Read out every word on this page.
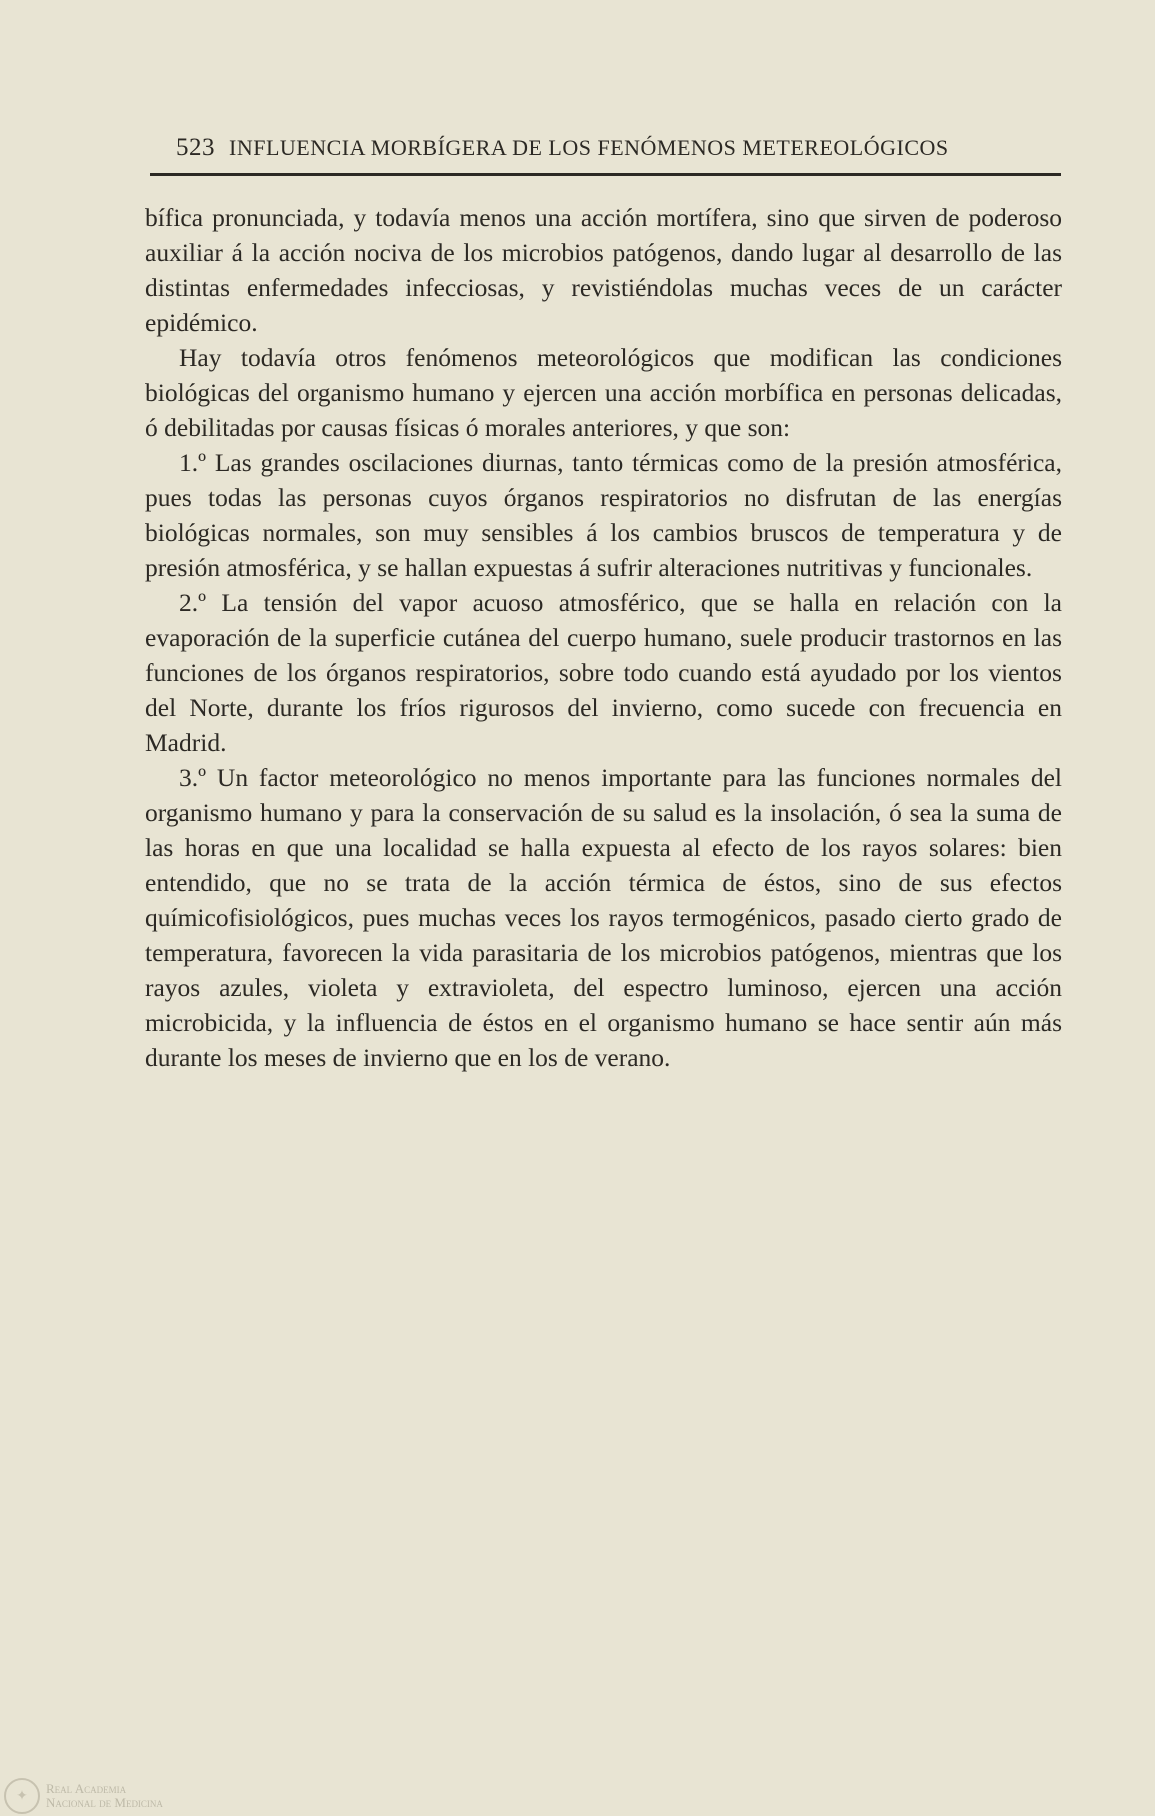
523 INFLUENCIA MORBÍGERA DE LOS FENÓMENOS METEREOLÓGICOS

bífica pronunciada, y todavía menos una acción mortífera, sino que sirven de poderoso auxiliar á la acción nociva de los microbios patógenos, dando lugar al desarrollo de las distintas enfermedades infecciosas, y revistiéndolas muchas veces de un carácter epidémico.

Hay todavía otros fenómenos meteorológicos que modifican las condiciones biológicas del organismo humano y ejercen una acción morbífica en personas delicadas, ó debilitadas por causas físicas ó morales anteriores, y que son:

1.º Las grandes oscilaciones diurnas, tanto térmicas como de la presión atmosférica, pues todas las personas cuyos órganos respiratorios no disfrutan de las energías biológicas normales, son muy sensibles á los cambios bruscos de temperatura y de presión atmosférica, y se hallan expuestas á sufrir alteraciones nutritivas y funcionales.

2.º La tensión del vapor acuoso atmosférico, que se halla en relación con la evaporación de la superficie cutánea del cuerpo humano, suele producir trastornos en las funciones de los órganos respiratorios, sobre todo cuando está ayudado por los vientos del Norte, durante los fríos rigurosos del invierno, como sucede con frecuencia en Madrid.

3.º Un factor meteorológico no menos importante para las funciones normales del organismo humano y para la conservación de su salud es la insolación, ó sea la suma de las horas en que una localidad se halla expuesta al efecto de los rayos solares: bien entendido, que no se trata de la acción térmica de éstos, sino de sus efectos químicofisiológicos, pues muchas veces los rayos termogénicos, pasado cierto grado de temperatura, favorecen la vida parasitaria de los microbios patógenos, mientras que los rayos azules, violeta y extravioleta, del espectro luminoso, ejercen una acción microbicida, y la influencia de éstos en el organismo humano se hace sentir aún más durante los meses de invierno que en los de verano.

✦	Real Academia
Nacional de Medicina
